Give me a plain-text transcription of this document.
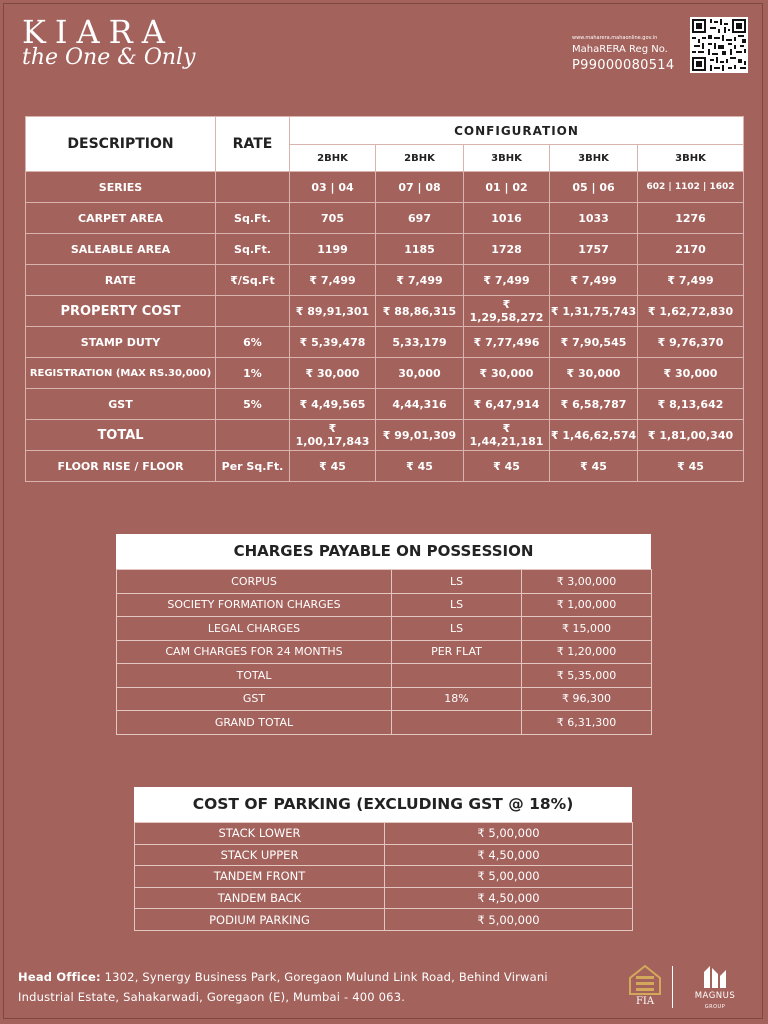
KIARA
the One & Only
www.maharera.mahaonline.gov.in
MahaRERA Reg No.
P99000080514
DESCRIPTION	RATE	CONFIGURATION				
		2BHK	2BHK	3BHK	3BHK	3BHK
SERIES		03 | 04	07 | 08	01 | 02	05 | 06	602 | 1102 | 1602
CARPET AREA	Sq.Ft.	705	697	1016	1033	1276
SALEABLE AREA	Sq.Ft.	1199	1185	1728	1757	2170
RATE	₹/Sq.Ft	₹ 7,499	₹ 7,499	₹ 7,499	₹ 7,499	₹ 7,499
PROPERTY COST		₹ 89,91,301	₹ 88,86,315	₹ 1,29,58,272	₹ 1,31,75,743	₹ 1,62,72,830
STAMP DUTY	6%	₹ 5,39,478	5,33,179	₹ 7,77,496	₹ 7,90,545	₹ 9,76,370
REGISTRATION (MAX RS.30,000)	1%	₹ 30,000	30,000	₹ 30,000	₹ 30,000	₹ 30,000
GST	5%	₹ 4,49,565	4,44,316	₹ 6,47,914	₹ 6,58,787	₹ 8,13,642
TOTAL		₹ 1,00,17,843	₹ 99,01,309	₹ 1,44,21,181	₹ 1,46,62,574	₹ 1,81,00,340
FLOOR RISE / FLOOR	Per Sq.Ft.	₹ 45	₹ 45	₹ 45	₹ 45	₹ 45
CHARGES PAYABLE ON POSSESSION
CORPUS	LS	₹ 3,00,000
SOCIETY FORMATION CHARGES	LS	₹ 1,00,000
LEGAL CHARGES	LS	₹ 15,000
CAM CHARGES FOR 24 MONTHS	PER FLAT	₹ 1,20,000
TOTAL		₹ 5,35,000
GST	18%	₹ 96,300
GRAND TOTAL		₹ 6,31,300
COST OF PARKING (EXCLUDING GST @ 18%)
STACK LOWER	₹ 5,00,000
STACK UPPER	₹ 4,50,000
TANDEM FRONT	₹ 5,00,000
TANDEM BACK	₹ 4,50,000
PODIUM PARKING	₹ 5,00,000
Head Office: 1302, Synergy Business Park, Goregaon Mulund Link Road, Behind Virwani
Industrial Estate, Sahakarwadi, Goregaon (E), Mumbai - 400 063.	FIA	MAGNUS
GROUP
